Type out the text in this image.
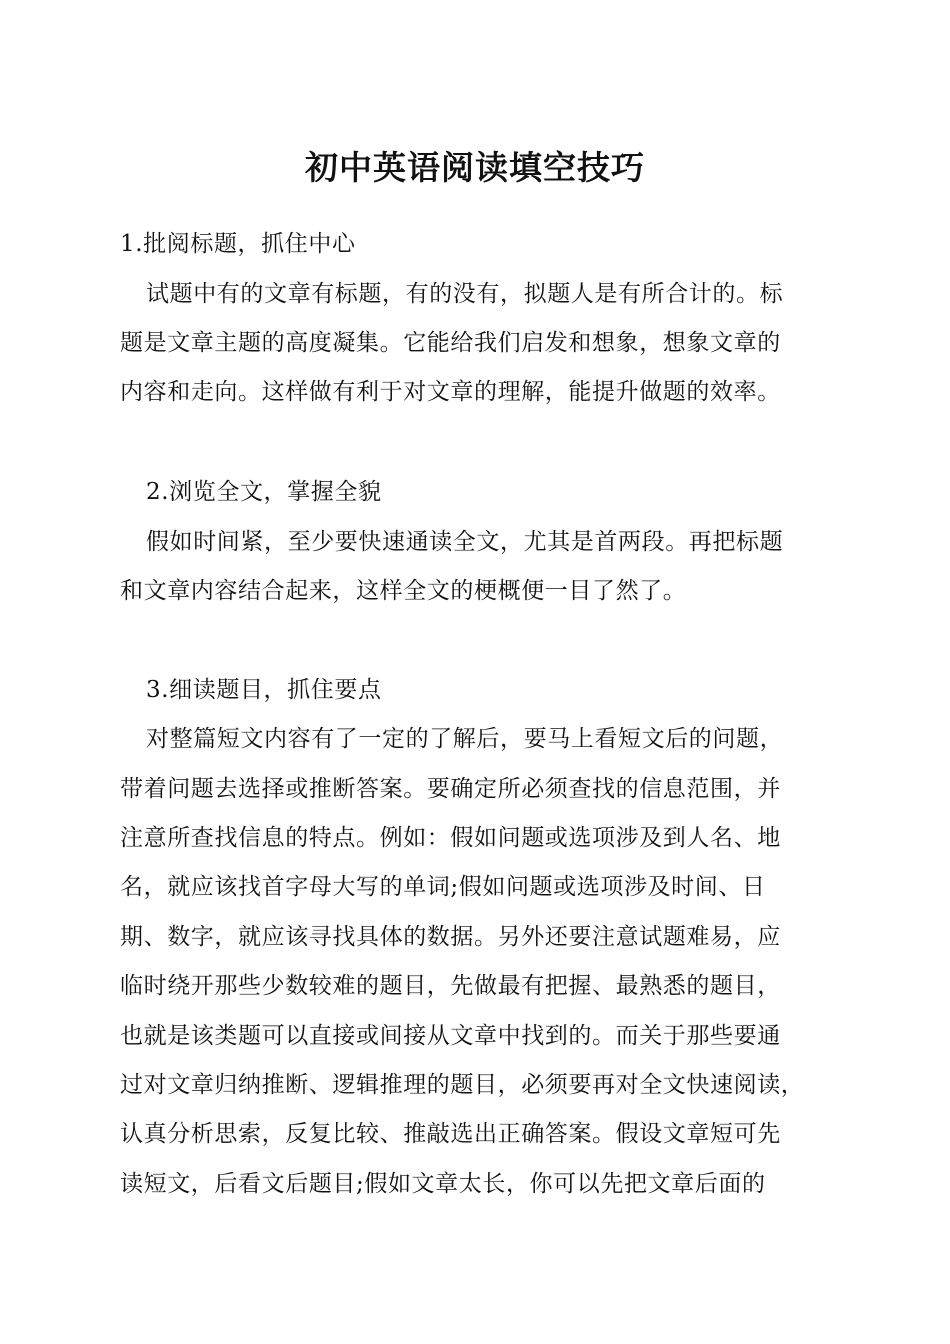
初中英语阅读填空技巧
1.批阅标题，抓住中心
试题中有的文章有标题，有的没有，拟题人是有所合计的。标
题是文章主题的高度凝集。它能给我们启发和想象，想象文章的
内容和走向。这样做有利于对文章的理解，能提升做题的效率。
2.浏览全文，掌握全貌
假如时间紧，至少要快速通读全文，尤其是首两段。再把标题
和文章内容结合起来，这样全文的梗概便一目了然了。
3.细读题目，抓住要点
对整篇短文内容有了一定的了解后，要马上看短文后的问题，
带着问题去选择或推断答案。要确定所必须查找的信息范围，并
注意所查找信息的特点。例如：假如问题或选项涉及到人名、地
名，就应该找首字母大写的单词;假如问题或选项涉及时间、日
期、数字，就应该寻找具体的数据。另外还要注意试题难易，应
临时绕开那些少数较难的题目，先做最有把握、最熟悉的题目，
也就是该类题可以直接或间接从文章中找到的。而关于那些要通
过对文章归纳推断、逻辑推理的题目，必须要再对全文快速阅读，
认真分析思索，反复比较、推敲选出正确答案。假设文章短可先
读短文，后看文后题目;假如文章太长，你可以先把文章后面的
